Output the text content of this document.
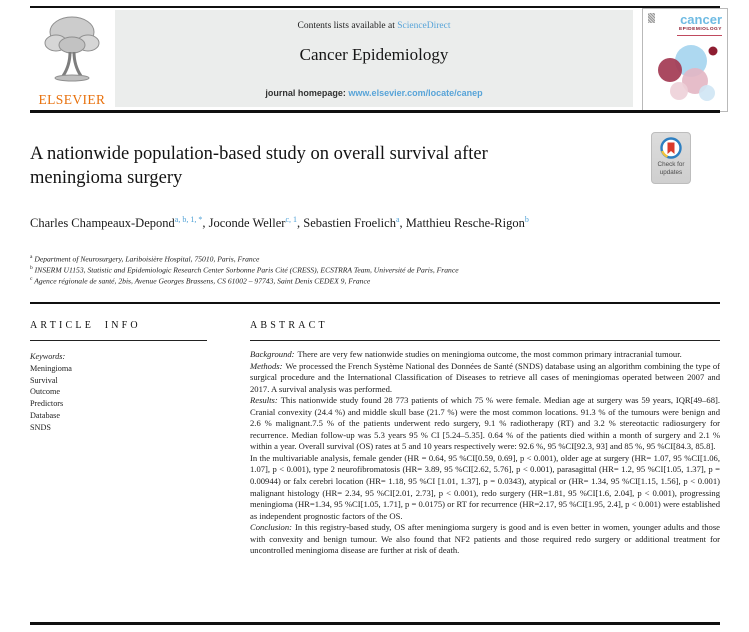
ELSEVIER
Contents lists available at ScienceDirect
Cancer Epidemiology
journal homepage: www.elsevier.com/locate/canep
cancer
EPIDEMIOLOGY
A nationwide population-based study on overall survival after meningioma surgery
Check for
updates
Charles Champeaux-Depond$^{a, b, 1, *}$, Joconde Weller$^{c, 1}$, Sebastien Froelich$^a$, Matthieu Resche-Rigon$^b$
$^a$ Department of Neurosurgery, Lariboisière Hospital, 75010, Paris, France
$^b$ INSERM U1153, Statistic and Epidemiologic Research Center Sorbonne Paris Cité (CRESS), ECSTRRA Team, Université de Paris, France
$^c$ Agence régionale de santé, 2bis, Avenue Georges Brassens, CS 61002 – 97743, Saint Denis CEDEX 9, France
ARTICLE INFO	ABSTRACT
Keywords:
Meningioma
Survival
Outcome
Predictors
Database
SNDS

Background: There are very few nationwide studies on meningioma outcome, the most common primary intracranial tumour.

Methods: We processed the French Système National des Données de Santé (SNDS) database using an algorithm combining the type of surgical procedure and the International Classification of Diseases to retrieve all cases of meningiomas operated between 2007 and 2017. A survival analysis was performed.

Results: This nationwide study found 28 773 patients of which 75 % were female. Median age at surgery was 59 years, IQR[49–68]. Cranial convexity (24.4 %) and middle skull base (21.7 %) were the most common locations. 91.3 % of the tumours were benign and 2.6 % malignant.7.5 % of the patients underwent redo surgery, 9.1 % radiotherapy (RT) and 3.2 % stereotactic radiosurgery for recurrence. Median follow-up was 5.3 years 95 % CI [5.24–5.35]. 0.64 % of the patients died within a month of surgery and 2.1 % within a year. Overall survival (OS) rates at 5 and 10 years respectively were: 92.6 %, 95 %CI[92.3, 93] and 85 %, 95 %CI[84.3, 85.8].

In the multivariable analysis, female gender (HR = 0.64, 95 %CI[0.59, 0.69], p < 0.001), older age at surgery (HR= 1.07, 95 %CI[1.06, 1.07], p < 0.001), type 2 neurofibromatosis (HR= 3.89, 95 %CI[2.62, 5.76], p < 0.001), parasagittal (HR= 1.2, 95 %CI[1.05, 1.37], p = 0.00944) or falx cerebri location (HR= 1.18, 95 %CI [1.01, 1.37], p = 0.0343), atypical or (HR= 1.34, 95 %CI[1.15, 1.56], p < 0.001) malignant histology (HR= 2.34, 95 %CI[2.01, 2.73], p < 0.001), redo surgery (HR=1.81, 95 %CI[1.6, 2.04], p < 0.001), progressing meningioma (HR=1.34, 95 %CI[1.05, 1.71], p = 0.0175) or RT for recurrence (HR=2.17, 95 %CI[1.95, 2.4], p < 0.001) were established as independent prognostic factors of the OS.

Conclusion: In this registry-based study, OS after meningioma surgery is good and is even better in women, younger adults and those with convexity and benign tumour. We also found that NF2 patients and those required redo surgery or additional treatment for uncontrolled meningioma disease are further at risk of death.
